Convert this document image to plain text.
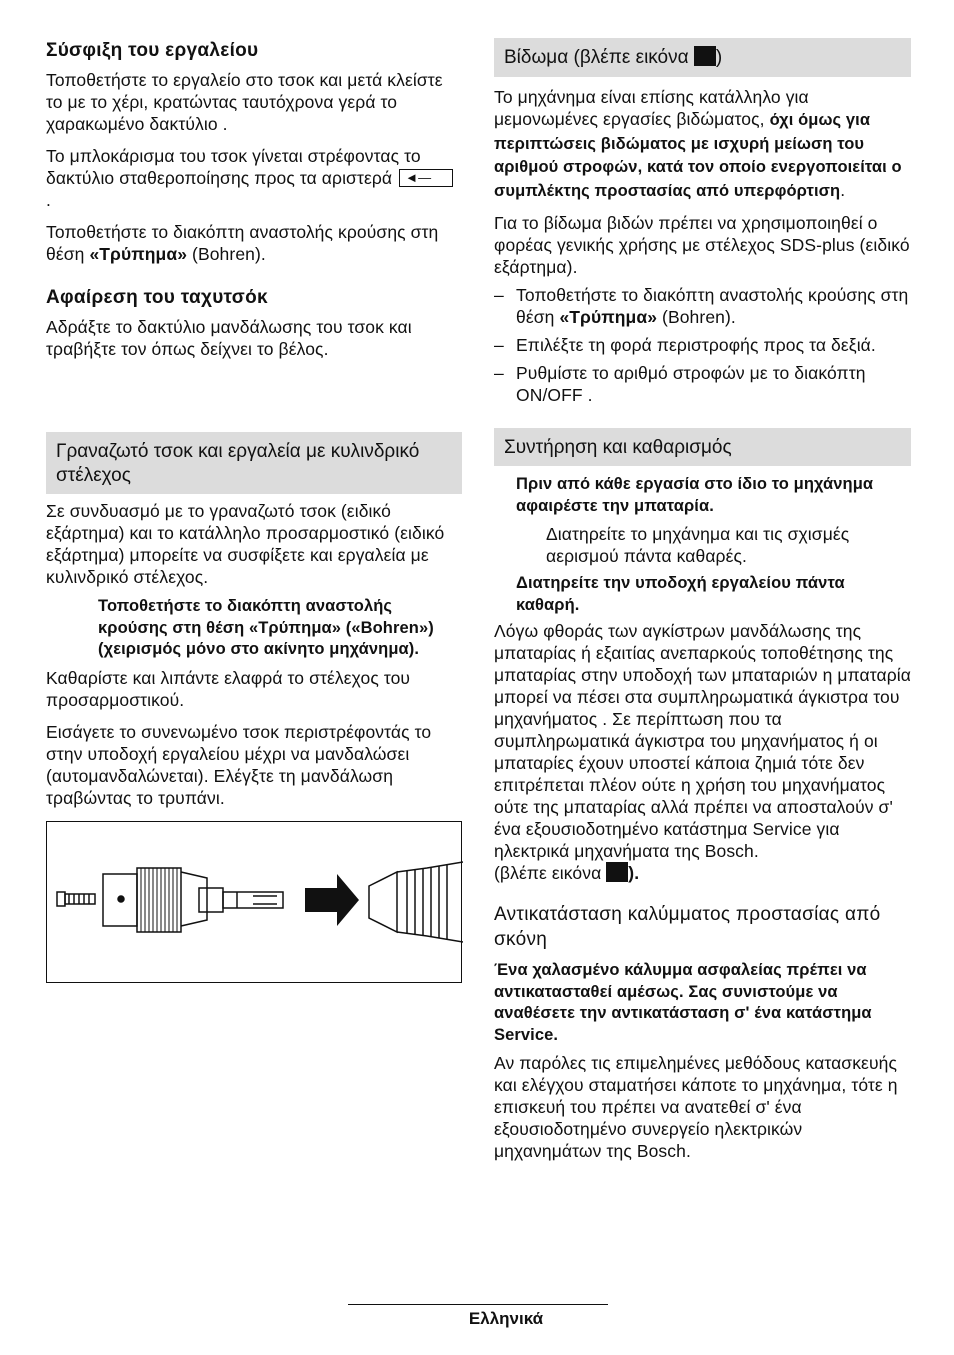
Σύσφιξη του εργαλείου

Τοποθετήστε το εργαλείο στο τσοκ και μετά κλείστε το με το χέρι, κρατώντας ταυτόχρονα γερά το χαρακωμένο δακτύλιο .

Το μπλοκάρισμα του τσοκ γίνεται στρέφοντας το δακτύλιο σταθεροποίησης προς τα αριστερά ◄—
.

Τοποθετήστε το διακόπτη αναστολής κρούσης στη θέση «Τρύπημα» (Bohren).

Αφαίρεση του ταχυτσόκ

Αδράξτε το δακτύλιο μανδάλωσης του τσοκ και τραβήξτε τον όπως δείχνει το βέλος.

Γραναζωτό τσοκ και εργαλεία με κυλινδρικό στέλεχος

Σε συνδυασμό με το γραναζωτό τσοκ (ειδικό εξάρτημα) και το κατάλληλο προσαρμοστικό (ειδικό εξάρτημα) μπορείτε να συσφίξετε και εργαλεία με κυλινδρικό στέλεχος.

Τοποθετήστε το διακόπτη αναστολής κρούσης στη θέση «Τρύπημα» («Bohren») (χειρισμός μόνο στο ακίνητο μηχάνημα).

Καθαρίστε και λιπάντε ελαφρά το στέλεχος του προσαρμοστικού.

Εισάγετε το συνενωμένο τσοκ περιστρέφοντάς το στην υποδοχή εργαλείου μέχρι να μανδαλώσει (αυτομανδαλώνεται). Ελέγξτε τη μανδάλωση τραβώντας το τρυπάνι.

Βίδωμα (βλέπε εικόνα )

Το μηχάνημα είναι επίσης κατάλληλο για μεμονωμένες εργασίες βιδώματος, όχι όμως για περιπτώσεις βιδώματος με ισχυρή μείωση του αριθμού στροφών, κατά τον οποίο ενεργοποιείται ο συμπλέκτης προστασίας από υπερφόρτιση.

Για το βίδωμα βιδών πρέπει να χρησιμοποιηθεί ο φορέας γενικής χρήσης με στέλεχος SDS-plus (ειδικό εξάρτημα).

– Τοποθετήστε το διακόπτη αναστολής κρούσης στη θέση «Τρύπημα» (Bohren).

– Επιλέξτε τη φορά περιστροφής προς τα δεξιά.

– Ρυθμίστε το αριθμό στροφών με το διακόπτη ON/OFF .

Συντήρηση και καθαρισμός

Πριν από κάθε εργασία στο ίδιο το μηχάνημα αφαιρέστε την μπαταρία.

Διατηρείτε το μηχάνημα και τις σχισμές αερισμού πάντα καθαρές.

Διατηρείτε την υποδοχή εργαλείου πάντα καθαρή.

Λόγω φθοράς των αγκίστρων μανδάλωσης της μπαταρίας ή εξαιτίας ανεπαρκούς τοποθέτησης της μπαταρίας στην υποδοχή των μπαταριών η μπαταρία μπορεί να πέσει στα συμπληρωματικά άγκιστρα του μηχανήματος . Σε περίπτωση που τα συμπληρωματικά άγκιστρα του μηχανήματος ή οι μπαταρίες έχουν υποστεί κάποια ζημιά τότε δεν επιτρέπεται πλέον ούτε η χρήση του μηχανήματος ούτε της μπαταρίας αλλά πρέπει να αποσταλούν σ' ένα εξουσιοδοτημένο κατάστημα Service για ηλεκτρικά μηχανήματα της Bosch.

(βλέπε εικόνα ).

Αντικατάσταση καλύμματος προστασίας από σκόνη

Ένα χαλασμένο κάλυμμα ασφαλείας πρέπει να αντικατασταθεί αμέσως. Σας συνιστούμε να αναθέσετε την αντικατάσταση σ' ένα κατάστημα Service.

Αν παρόλες τις επιμελημένες μεθόδους κατασκευής και ελέγχου σταματήσει κάποτε το μηχάνημα, τότε η επισκευή του πρέπει να ανατεθεί σ' ένα εξουσιοδοτημένο συνεργείο ηλεκτρικών μηχανημάτων της Bosch.

Ελληνικά
